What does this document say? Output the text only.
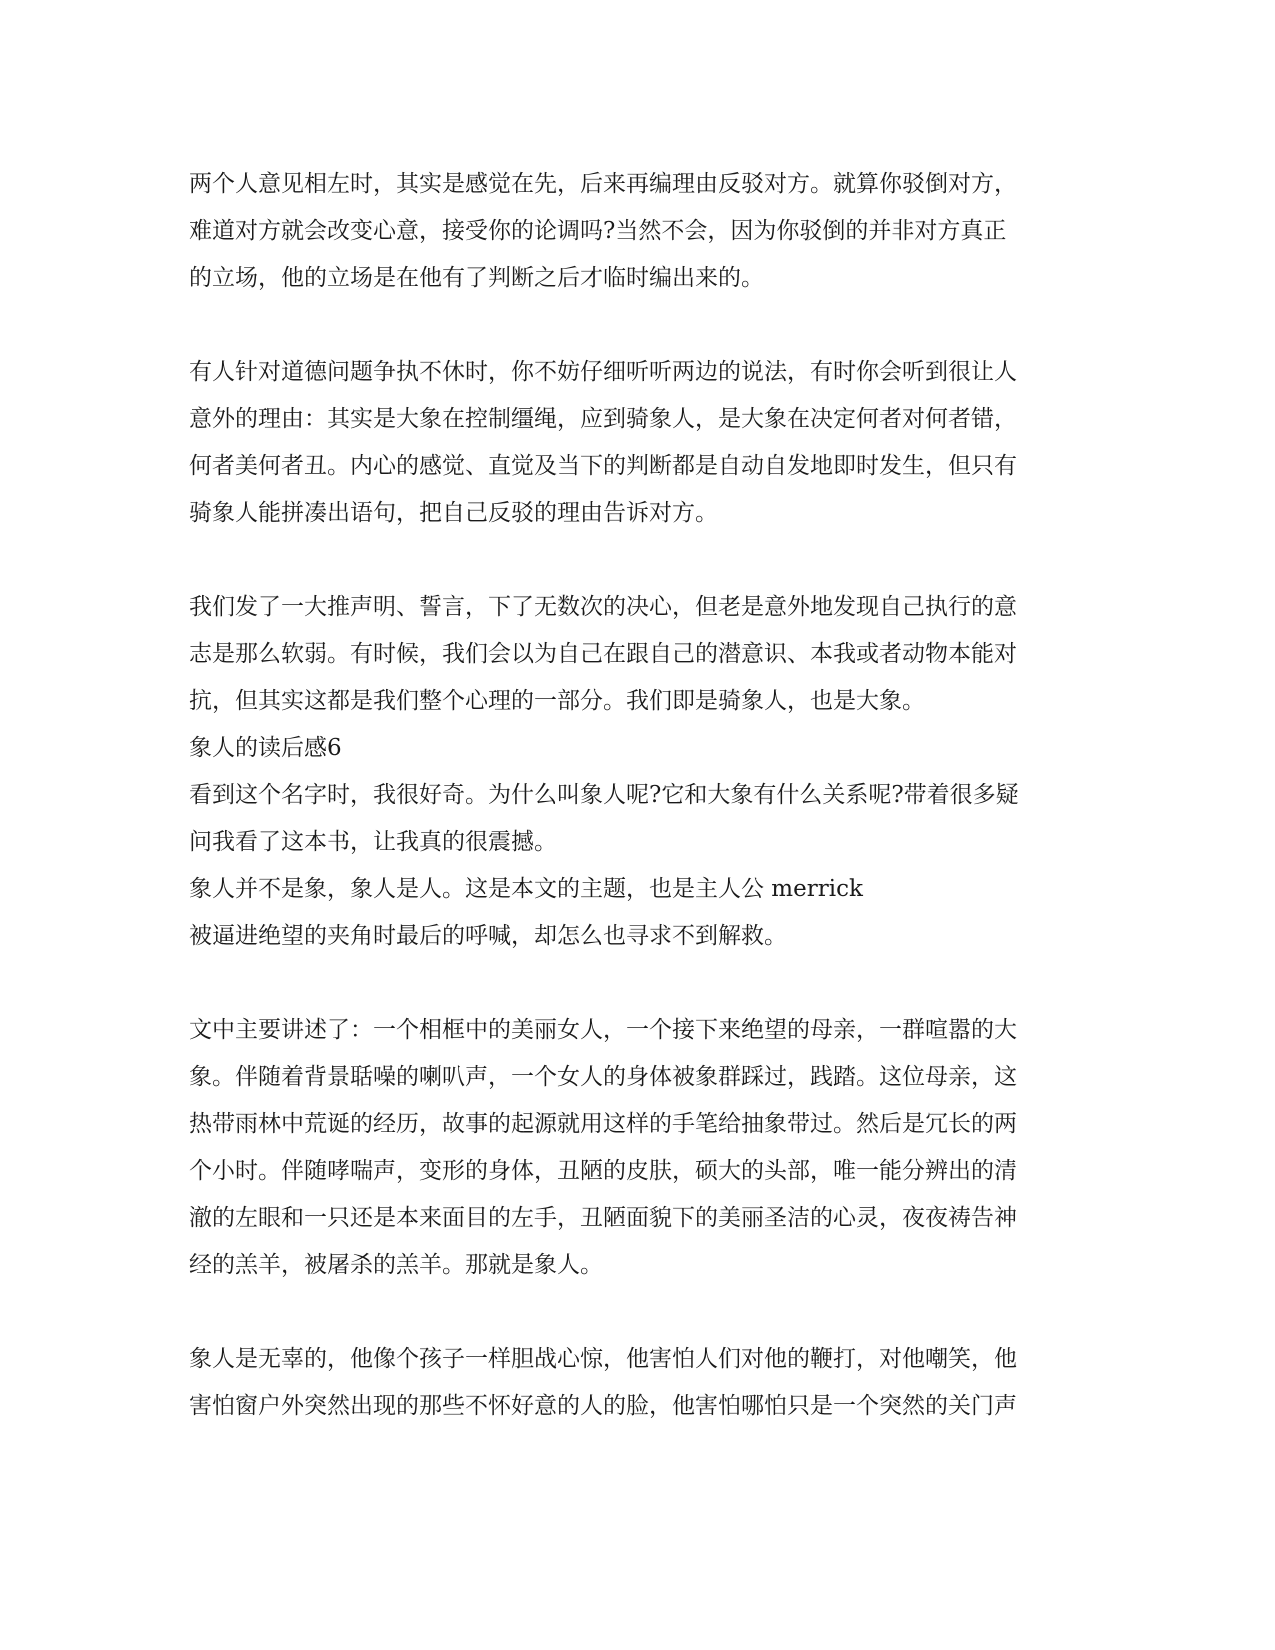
两个人意见相左时，其实是感觉在先，后来再编理由反驳对方。就算你驳倒对方，
难道对方就会改变心意，接受你的论调吗?当然不会，因为你驳倒的并非对方真正
的立场，他的立场是在他有了判断之后才临时编出来的。
有人针对道德问题争执不休时，你不妨仔细听听两边的说法，有时你会听到很让人
意外的理由：其实是大象在控制缰绳，应到骑象人，是大象在决定何者对何者错，
何者美何者丑。内心的感觉、直觉及当下的判断都是自动自发地即时发生，但只有
骑象人能拼凑出语句，把自己反驳的理由告诉对方。
我们发了一大推声明、誓言，下了无数次的决心，但老是意外地发现自己执行的意
志是那么软弱。有时候，我们会以为自己在跟自己的潜意识、本我或者动物本能对
抗，但其实这都是我们整个心理的一部分。我们即是骑象人，也是大象。
象人的读后感6
看到这个名字时，我很好奇。为什么叫象人呢?它和大象有什么关系呢?带着很多疑
问我看了这本书，让我真的很震撼。
象人并不是象，象人是人。这是本文的主题，也是主人公 merrick
被逼进绝望的夹角时最后的呼喊，却怎么也寻求不到解救。
文中主要讲述了：一个相框中的美丽女人，一个接下来绝望的母亲，一群喧嚣的大
象。伴随着背景聒噪的喇叭声，一个女人的身体被象群踩过，践踏。这位母亲，这
热带雨林中荒诞的经历，故事的起源就用这样的手笔给抽象带过。然后是冗长的两
个小时。伴随哮喘声，变形的身体，丑陋的皮肤，硕大的头部，唯一能分辨出的清
澈的左眼和一只还是本来面目的左手，丑陋面貌下的美丽圣洁的心灵，夜夜祷告神
经的羔羊，被屠杀的羔羊。那就是象人。
象人是无辜的，他像个孩子一样胆战心惊，他害怕人们对他的鞭打，对他嘲笑，他
害怕窗户外突然出现的那些不怀好意的人的脸，他害怕哪怕只是一个突然的关门声
